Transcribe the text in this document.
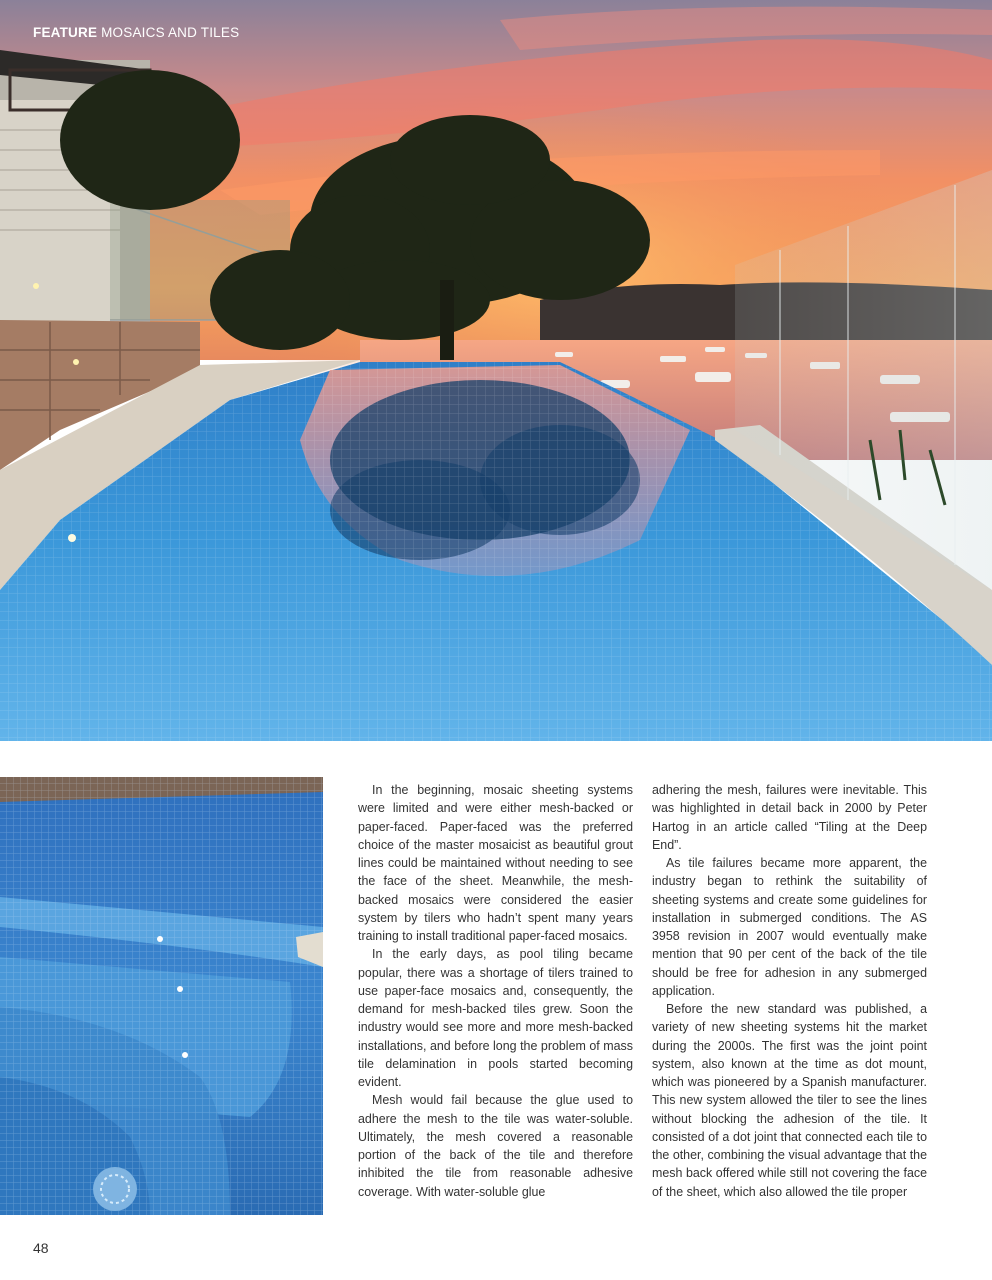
FEATURE MOSAICS AND TILES

In the beginning, mosaic sheeting systems were limited and were either mesh-backed or paper-faced. Paper-faced was the preferred choice of the master mosaicist as beautiful grout lines could be maintained without needing to see the face of the sheet. Meanwhile, the mesh-backed mosaics were considered the easier system by tilers who hadn’t spent many years training to install traditional paper-faced mosaics.

In the early days, as pool tiling became popular, there was a shortage of tilers trained to use paper-face mosaics and, consequently, the demand for mesh-backed tiles grew. Soon the industry would see more and more mesh-backed installations, and before long the problem of mass tile delamination in pools started becoming evident.

Mesh would fail because the glue used to adhere the mesh to the tile was water-soluble. Ultimately, the mesh covered a reasonable portion of the back of the tile and therefore inhibited the tile from reasonable adhesive coverage. With water-soluble glue

adhering the mesh, failures were inevitable. This was highlighted in detail back in 2000 by Peter Hartog in an article called “Tiling at the Deep End”.

As tile failures became more apparent, the industry began to rethink the suitability of sheeting systems and create some guidelines for installation in submerged conditions. The AS 3958 revision in 2007 would eventually make mention that 90 per cent of the back of the tile should be free for adhesion in any submerged application.

Before the new standard was published, a variety of new sheeting systems hit the market during the 2000s. The first was the joint point system, also known at the time as dot mount, which was pioneered by a Spanish manufacturer. This new system allowed the tiler to see the lines without blocking the adhesion of the tile. It consisted of a dot joint that connected each tile to the other, combining the visual advantage that the mesh back offered while still not covering the face of the sheet, which also allowed the tile proper

48
